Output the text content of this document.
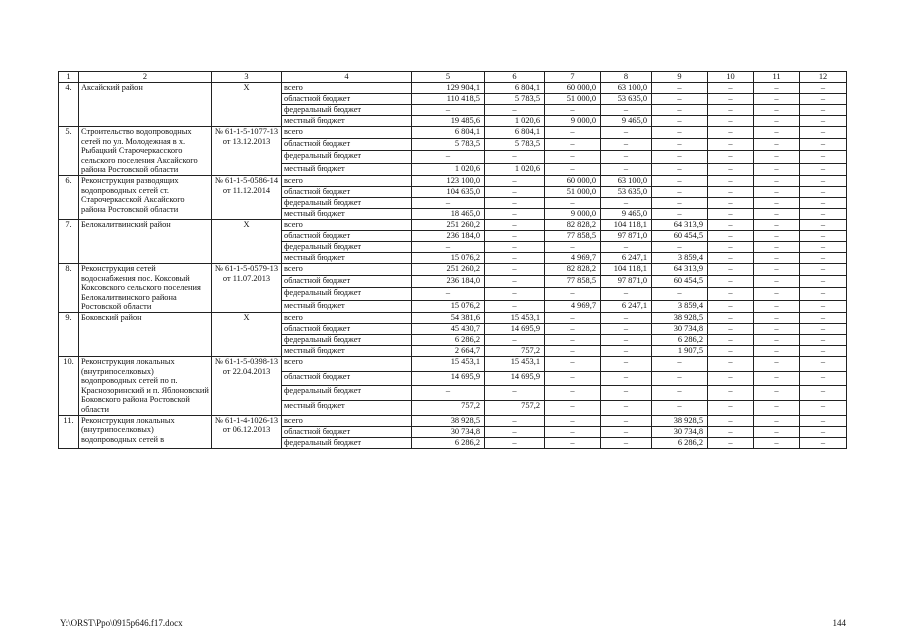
1	2	3	4	5	6	7	8	9	10	11	12
4.	Аксайский район	Х	всего	129 904,1	6 804,1	60 000,0	63 100,0	–	–	–	–
			областной бюджет	110 418,5	5 783,5	51 000,0	53 635,0	–	–	–	–
			федеральный бюджет	–	–	–	–	–	–	–	–
			местный бюджет	19 485,6	1 020,6	9 000,0	9 465,0	–	–	–	–
5.	Строительство водопроводных сетей по ул. Молодежная в х. Рыбацкий Старочеркасского сельского поселения Аксайского района Ростовской области	№ 61-1-5-1077-13 от 13.12.2013	всего	6 804,1	6 804,1	–	–	–	–	–	–
			областной бюджет	5 783,5	5 783,5	–	–	–	–	–	–
			федеральный бюджет	–	–	–	–	–	–	–	–
			местный бюджет	1 020,6	1 020,6	–	–	–	–	–	–
6.	Реконструкция разводящих водопроводных сетей ст. Старочеркасской Аксайского района Ростовской области	№ 61-1-5-0586-14 от 11.12.2014	всего	123 100,0	–	60 000,0	63 100,0	–	–	–	–
			областной бюджет	104 635,0	–	51 000,0	53 635,0	–	–	–	–
			федеральный бюджет	–	–	–	–	–	–	–	–
			местный бюджет	18 465,0	–	9 000,0	9 465,0	–	–	–	–
7.	Белокалитвинский район	Х	всего	251 260,2	–	82 828,2	104 118,1	64 313,9	–	–	–
			областной бюджет	236 184,0	–	77 858,5	97 871,0	60 454,5	–	–	–
			федеральный бюджет	–	–	–	–	–	–	–	–
			местный бюджет	15 076,2	–	4 969,7	6 247,1	3 859,4	–	–	–
8.	Реконструкция сетей водоснабжения пос. Коксовый Коксовского сельского поселения Белокалитвинского района Ростовской области	№ 61-1-5-0579-13 от 11.07.2013	всего	251 260,2	–	82 828,2	104 118,1	64 313,9	–	–	–
			областной бюджет	236 184,0	–	77 858,5	97 871,0	60 454,5	–	–	–
			федеральный бюджет	–	–	–	–	–	–	–	–
			местный бюджет	15 076,2	–	4 969,7	6 247,1	3 859,4	–	–	–
9.	Боковский район	Х	всего	54 381,6	15 453,1	–	–	38 928,5	–	–	–
			областной бюджет	45 430,7	14 695,9	–	–	30 734,8	–	–	–
			федеральный бюджет	6 286,2	–	–	–	6 286,2	–	–	–
			местный бюджет	2 664,7	757,2	–	–	1 907,5	–	–	–
10.	Реконструкция локальных (внутрипоселковых) водопроводных сетей по п. Краснозоринский и п. Яблоновский Боковского района Ростовской области	№ 61-1-5-0398-13 от 22.04.2013	всего	15 453,1	15 453,1	–	–	–	–	–	–
			областной бюджет	14 695,9	14 695,9	–	–	–	–	–	–
			федеральный бюджет	–	–	–	–	–	–	–	–
			местный бюджет	757,2	757,2	–	–	–	–	–	–
11.	Реконструкция локальных (внутрипоселковых) водопроводных сетей в	№ 61-1-4-1026-13 от 06.12.2013	всего	38 928,5	–	–	–	38 928,5	–	–	–
			областной бюджет	30 734,8	–	–	–	30 734,8	–	–	–
			федеральный бюджет	6 286,2	–	–	–	6 286,2	–	–	–
Y:\ORST\Ppo\0915p646.f17.docx	144
